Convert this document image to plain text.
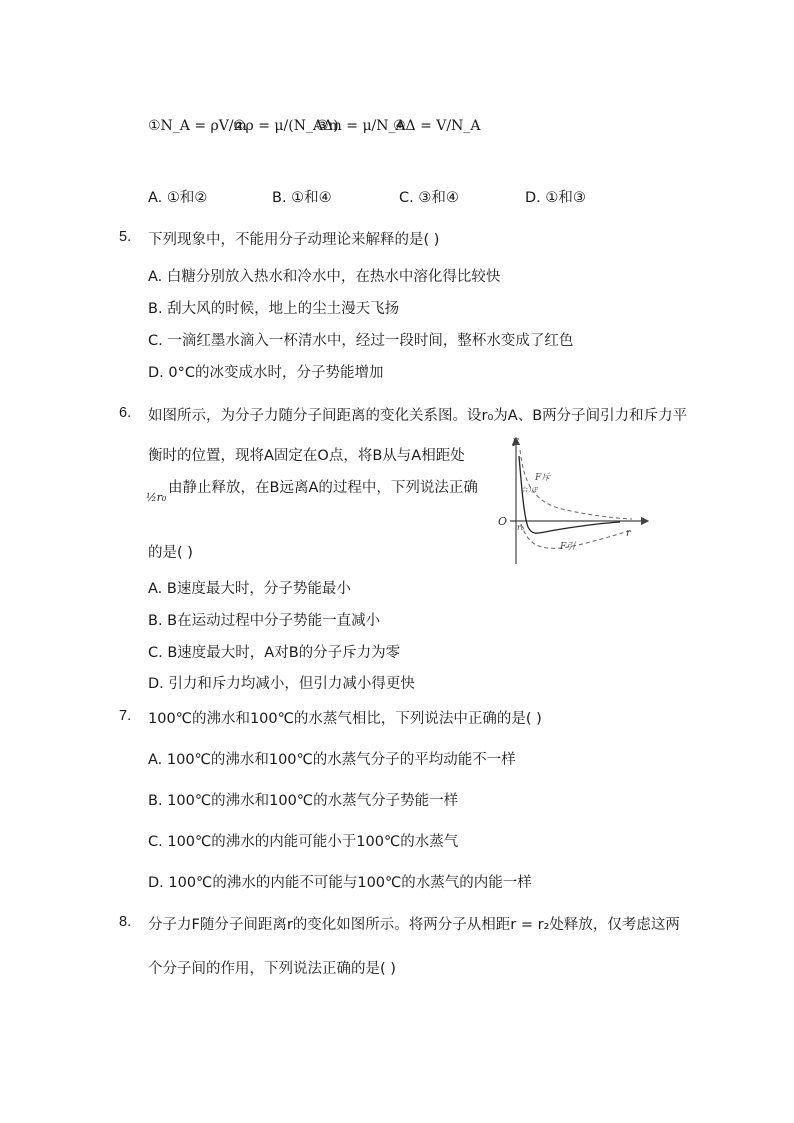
①N_A = ρV/m
②ρ = μ/(N_AΔ)
③m = μ/N_A
④Δ = V/N_A
A. ①和②	B. ①和④	C. ③和④	D. ①和③
5. 下列现象中，不能用分子动理论来解释的是( )
A. 白糖分别放入热水和冷水中，在热水中溶化得比较快
B. 刮大风的时候，地上的尘土漫天飞扬
C. 一滴红墨水滴入一杯清水中，经过一段时间，整杯水变成了红色
D. 0°C的冰变成水时，分子势能增加
6. 如图所示，为分子力随分子间距离的变化关系图。设r₀为A、B两分子间引力和斥力平
衡时的位置，现将A固定在O点，将B从与A相距处
由静止释放，在B远离A的过程中，下列说法正确
½r₀
的是( )
F
r
O r₀
F斥
F引
合力F
A. B速度最大时，分子势能最小
B. B在运动过程中分子势能一直减小
C. B速度最大时，A对B的分子斥力为零
D. 引力和斥力均减小，但引力减小得更快
7. 100℃的沸水和100℃的水蒸气相比，下列说法中正确的是( )
A. 100℃的沸水和100℃的水蒸气分子的平均动能不一样
B. 100℃的沸水和100℃的水蒸气分子势能一样
C. 100℃的沸水的内能可能小于100℃的水蒸气
D. 100℃的沸水的内能不可能与100℃的水蒸气的内能一样
8. 分子力F随分子间距离r的变化如图所示。将两分子从相距r = r₂处释放，仅考虑这两
个分子间的作用，下列说法正确的是( )
